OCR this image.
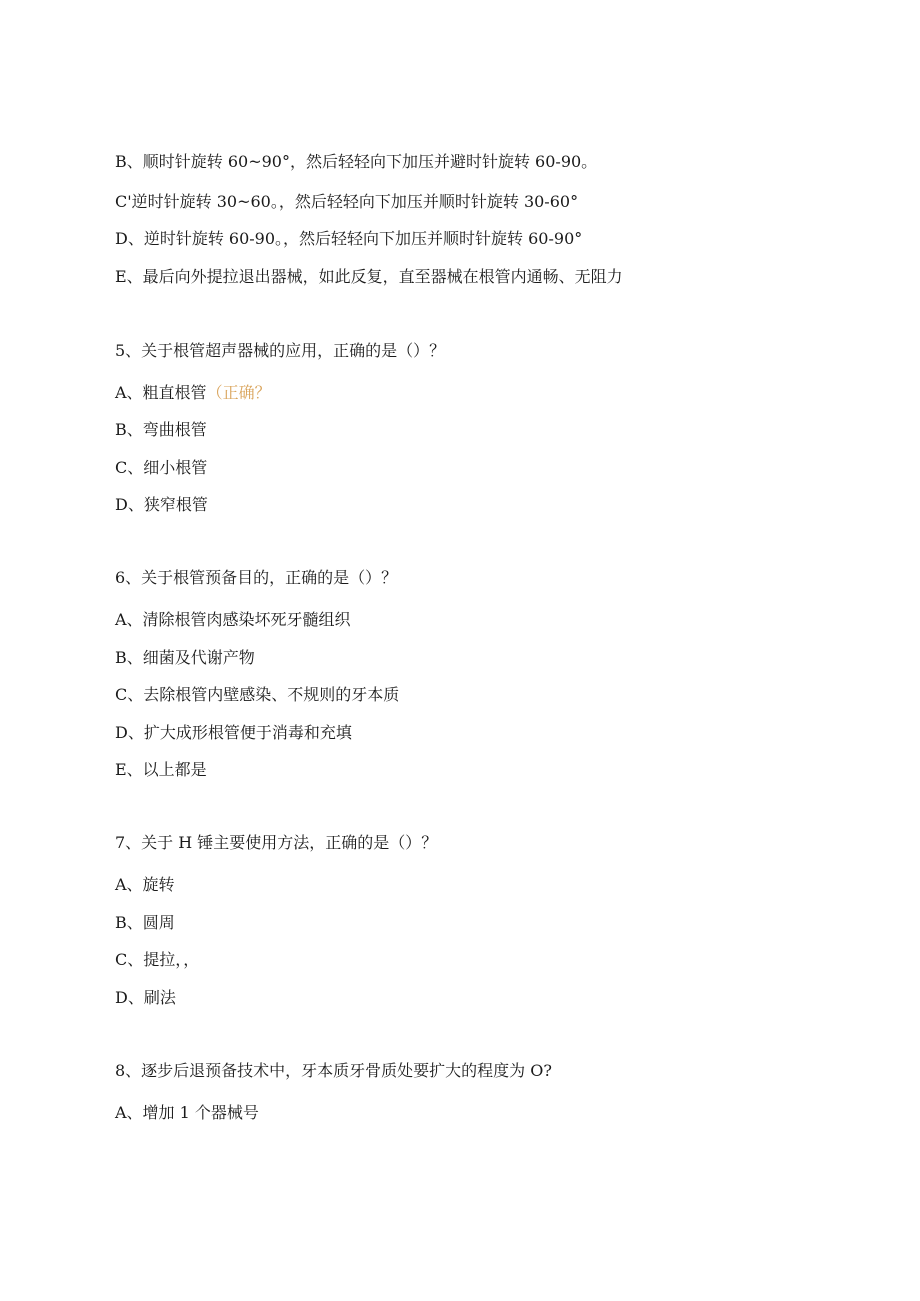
B、顺时针旋转 60~90°，然后轻轻向下加压并避时针旋转 60-90。
C'逆时针旋转 30~60。，然后轻轻向下加压并顺时针旋转 30-60°
D、逆时针旋转 60-90。，然后轻轻向下加压并顺时针旋转 60-90°
E、最后向外提拉退出器械，如此反复，直至器械在根管内通畅、无阻力
5、关于根管超声器械的应用，正确的是（）？
A、粗直根管（正确？
B、弯曲根管
C、细小根管
D、狭窄根管
6、关于根管预备目的，正确的是（）？
A、清除根管肉感染坏死牙髓组织
B、细菌及代谢产物
C、去除根管内壁感染、不规则的牙本质
D、扩大成形根管便于消毒和充填
E、以上都是
7、关于 H 锤主要使用方法，正确的是（）？
A、旋转
B、圆周
C、提拉，，
D、刷法
8、逐步后退预备技术中，牙本质牙骨质处要扩大的程度为 O?
A、增加 1 个器械号
